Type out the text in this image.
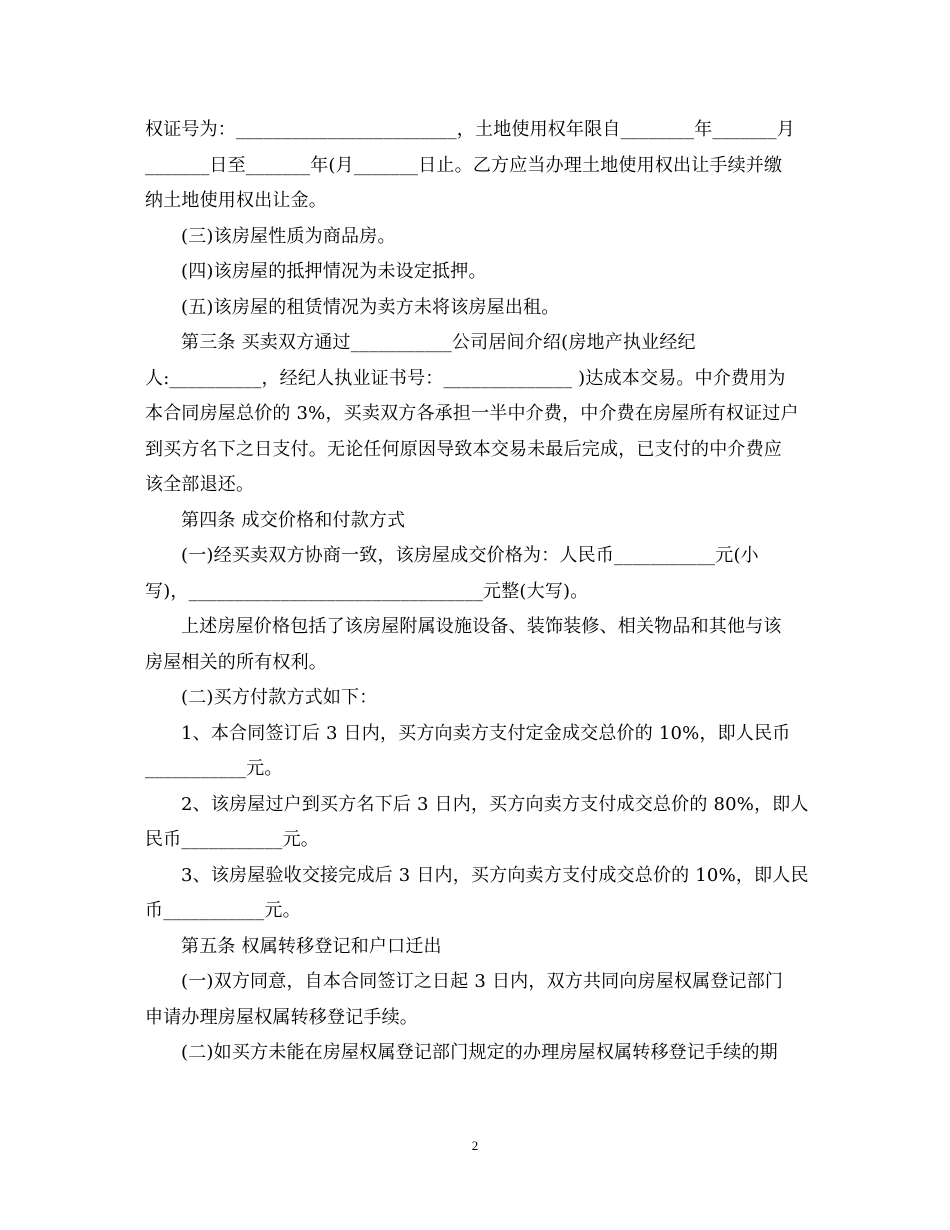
权证号为：________________________，土地使用权年限自________年_______月
_______日至_______年(月_______日止。乙方应当办理土地使用权出让手续并缴
纳土地使用权出让金。
(三)该房屋性质为商品房。
(四)该房屋的抵押情况为未设定抵押。
(五)该房屋的租赁情况为卖方未将该房屋出租。
第三条 买卖双方通过___________公司居间介绍(房地产执业经纪
人:__________，经纪人执业证书号：______________ )达成本交易。中介费用为
本合同房屋总价的 3%，买卖双方各承担一半中介费，中介费在房屋所有权证过户
到买方名下之日支付。无论任何原因导致本交易未最后完成，已支付的中介费应
该全部退还。
第四条 成交价格和付款方式
(一)经买卖双方协商一致，该房屋成交价格为：人民币___________元(小
写)，________________________________元整(大写)。
上述房屋价格包括了该房屋附属设施设备、装饰装修、相关物品和其他与该
房屋相关的所有权利。
(二)买方付款方式如下：
1、本合同签订后 3 日内，买方向卖方支付定金成交总价的 10%，即人民币
___________元。
2、该房屋过户到买方名下后 3 日内，买方向卖方支付成交总价的 80%，即人
民币___________元。
3、该房屋验收交接完成后 3 日内，买方向卖方支付成交总价的 10%，即人民
币___________元。
第五条 权属转移登记和户口迁出
(一)双方同意，自本合同签订之日起 3 日内，双方共同向房屋权属登记部门
申请办理房屋权属转移登记手续。
(二)如买方未能在房屋权属登记部门规定的办理房屋权属转移登记手续的期
2
